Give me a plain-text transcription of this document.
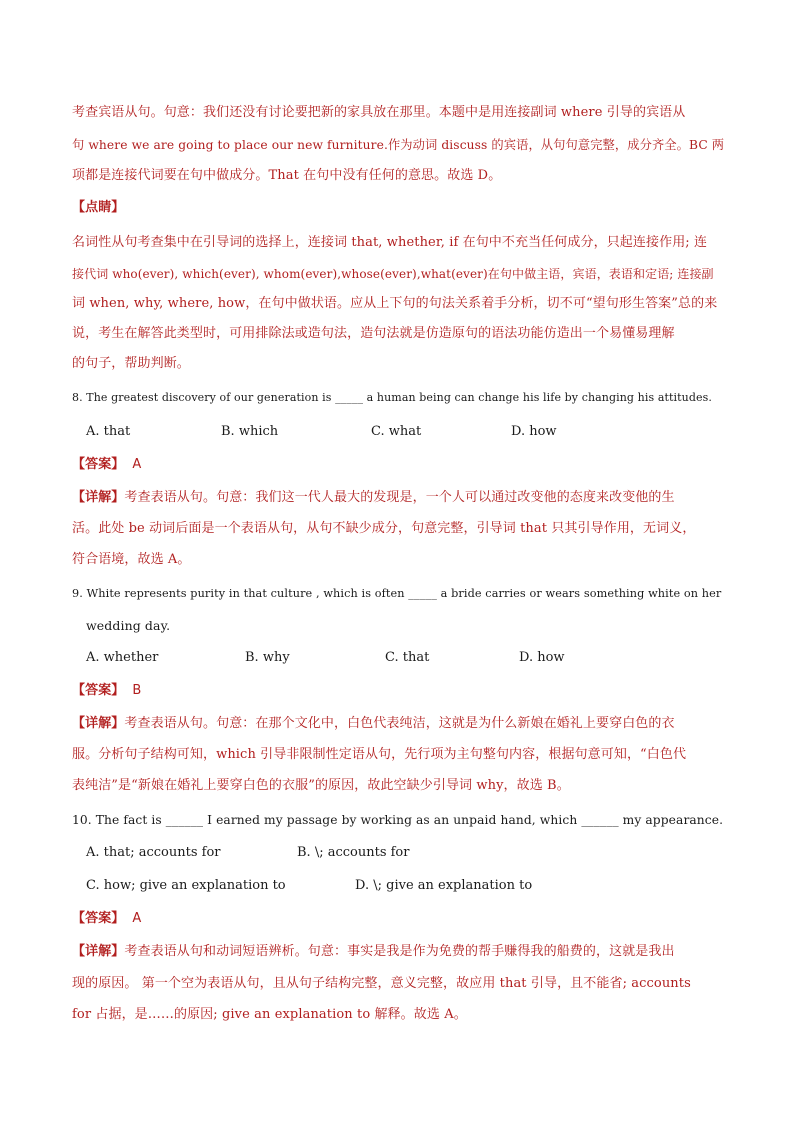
考查宾语从句。句意：我们还没有讨论要把新的家具放在那里。本题中是用连接副词 where 引导的宾语从
句 where we are going to place our new furniture.作为动词 discuss 的宾语，从句句意完整，成分齐全。BC 两
项都是连接代词要在句中做成分。That 在句中没有任何的意思。故选 D。
【点睛】
名词性从句考查集中在引导词的选择上，连接词 that, whether, if 在句中不充当任何成分，只起连接作用; 连
接代词 who(ever), which(ever), whom(ever),whose(ever),what(ever)在句中做主语，宾语，表语和定语; 连接副
词 when, why, where, how，在句中做状语。应从上下句的句法关系着手分析，切不可“望句形生答案”总的来
说，考生在解答此类型时，可用排除法或造句法，造句法就是仿造原句的语法功能仿造出一个易懂易理解
的句子，帮助判断。
8. The greatest discovery of our generation is _____ a human being can change his life by changing his attitudes.
A. that	B. which	C. what	D. how
【答案】 A
【详解】考查表语从句。句意：我们这一代人最大的发现是，一个人可以通过改变他的态度来改变他的生
活。此处 be 动词后面是一个表语从句，从句不缺少成分，句意完整，引导词 that 只其引导作用，无词义，
符合语境，故选 A。
9. White represents purity in that culture , which is often _____ a bride carries or wears something white on her
wedding day.
A. whether	B. why	C. that	D. how
【答案】 B
【详解】考查表语从句。句意：在那个文化中，白色代表纯洁，这就是为什么新娘在婚礼上要穿白色的衣
服。分析句子结构可知，which 引导非限制性定语从句，先行项为主句整句内容，根据句意可知，“白色代
表纯洁”是“新娘在婚礼上要穿白色的衣服”的原因，故此空缺少引导词 why，故选 B。
10. The fact is ______ I earned my passage by working as an unpaid hand, which ______ my appearance.
A. that; accounts for	B. \; accounts for
C. how; give an explanation to	D. \; give an explanation to
【答案】 A
【详解】考查表语从句和动词短语辨析。句意：事实是我是作为免费的帮手赚得我的船费的，这就是我出
现的原因。 第一个空为表语从句，且从句子结构完整，意义完整，故应用 that 引导，且不能省; accounts
for 占据，是……的原因; give an explanation to 解释。故选 A。
